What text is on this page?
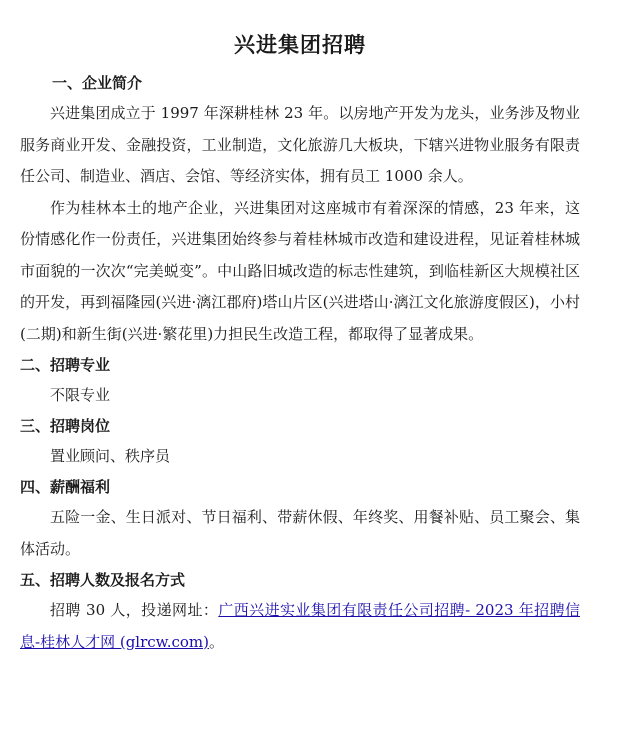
兴进集团招聘
一、企业简介

兴进集团成立于 1997 年深耕桂林 23 年。以房地产开发为龙头，业务涉及物业服务商业开发、金融投资，工业制造，文化旅游几大板块，下辖兴进物业服务有限责任公司、制造业、酒店、会馆、等经济实体，拥有员工 1000 余人。

作为桂林本土的地产企业，兴进集团对这座城市有着深深的情感，23 年来，这份情感化作一份责任，兴进集团始终参与着桂林城市改造和建设进程，见证着桂林城市面貌的一次次“完美蜕变”。中山路旧城改造的标志性建筑，到临桂新区大规模社区的开发，再到福隆园(兴进·漓江郡府)塔山片区(兴进塔山·漓江文化旅游度假区)，小村(二期)和新生街(兴进·繁花里)力担民生改造工程，都取得了显著成果。

二、招聘专业

不限专业

三、招聘岗位

置业顾问、秩序员

四、薪酬福利

五险一金、生日派对、节日福利、带薪休假、年终奖、用餐补贴、员工聚会、集体活动。

五、招聘人数及报名方式

招聘 30 人，投递网址：广西兴进实业集团有限责任公司招聘- 2023 年招聘信息-桂林人才网 (glrcw.com)。
